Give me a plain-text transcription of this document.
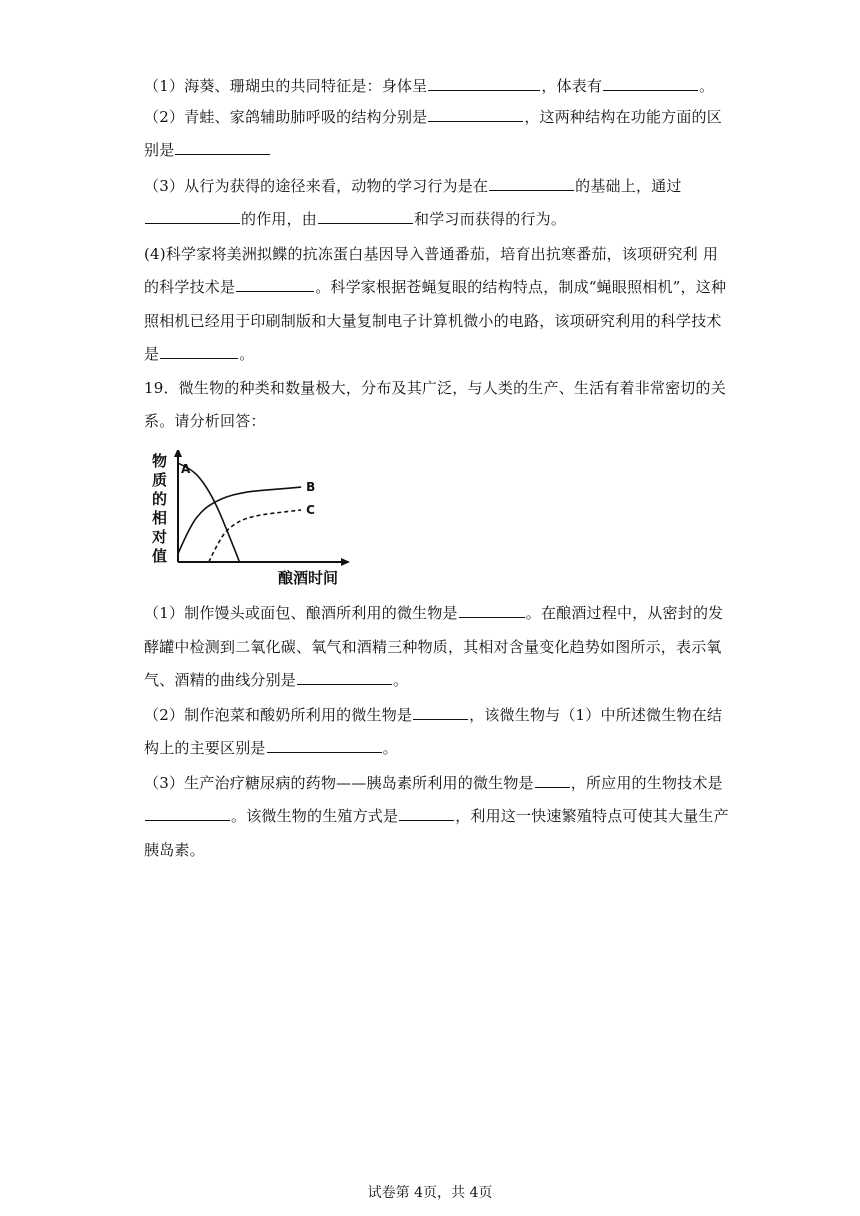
（1）海葵、珊瑚虫的共同特征是：身体呈	，体表有	。
（2）青蛙、家鸽辅助肺呼吸的结构分别是	，这两种结构在功能方面的区
别是
（3）从行为获得的途径来看，动物的学习行为是在	的基础上，通过
的作用，由	和学习而获得的行为。
(4)科学家将美洲拟鲽的抗冻蛋白基因导入普通番茄，培育出抗寒番茄，该项研究利 用
的科学技术是	。科学家根据苍蝇复眼的结构特点，制成“蝇眼照相机”，这种
照相机已经用于印刷制版和大量复制电子计算机微小的电路，该项研究利用的科学技术
是	。
19．微生物的种类和数量极大，分布及其广泛，与人类的生产、生活有着非常密切的关
系。请分析回答：
物
质
的
相
对
值
A
B
C
酿酒时间
（1）制作馒头或面包、酿酒所利用的微生物是	。在酿酒过程中，从密封的发
酵罐中检测到二氧化碳、氧气和酒精三种物质，其相对含量变化趋势如图所示，表示氧
气、酒精的曲线分别是	。
（2）制作泡菜和酸奶所利用的微生物是	，该微生物与（1）中所述微生物在结
构上的主要区别是	。
（3）生产治疗糖尿病的药物——胰岛素所利用的微生物是 ，所应用的生物技术是
。该微生物的生殖方式是	，利用这一快速繁殖特点可使其大量生产
胰岛素。
试卷第 4页，共 4页
